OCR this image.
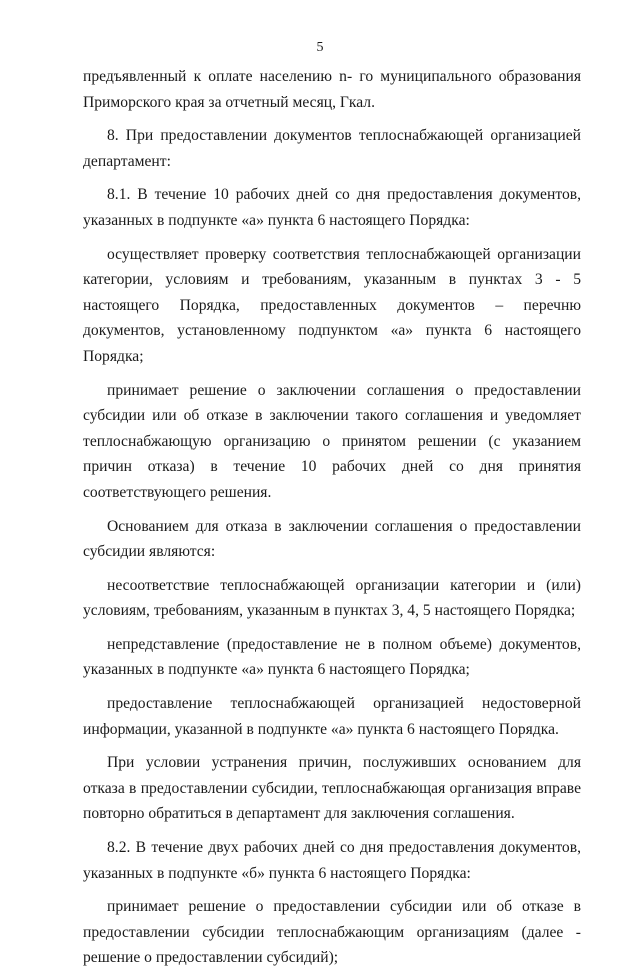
5

предъявленный к оплате населению n- го муниципального образования
Приморского края за отчетный месяц, Гкал.

8. При предоставлении документов теплоснабжающей организацией департамент:

8.1. В течение 10 рабочих дней со дня предоставления документов, указанных в подпункте «а» пункта 6 настоящего Порядка:

осуществляет проверку соответствия теплоснабжающей организации категории, условиям и требованиям, указанным в пунктах 3 - 5 настоящего Порядка, предоставленных документов – перечню документов, установленному подпунктом «а» пункта 6 настоящего Порядка;

принимает решение о заключении соглашения о предоставлении субсидии или об отказе в заключении такого соглашения и уведомляет теплоснабжающую организацию о принятом решении (с указанием причин отказа) в течение 10 рабочих дней со дня принятия соответствующего решения.

Основанием для отказа в заключении соглашения о предоставлении субсидии являются:

несоответствие теплоснабжающей организации категории и (или) условиям, требованиям, указанным в пунктах 3, 4, 5 настоящего Порядка;

непредставление (предоставление не в полном объеме) документов, указанных в подпункте «а» пункта 6 настоящего Порядка;

предоставление теплоснабжающей организацией недостоверной информации, указанной в подпункте «а» пункта 6 настоящего Порядка.

При условии устранения причин, послуживших основанием для отказа в предоставлении субсидии, теплоснабжающая организация вправе повторно обратиться в департамент для заключения соглашения.

8.2. В течение двух рабочих дней со дня предоставления документов, указанных в подпункте «б» пункта 6 настоящего Порядка:

принимает решение о предоставлении субсидии или об отказе в предоставлении субсидии теплоснабжающим организациям (далее - решение о предоставлении субсидий);
